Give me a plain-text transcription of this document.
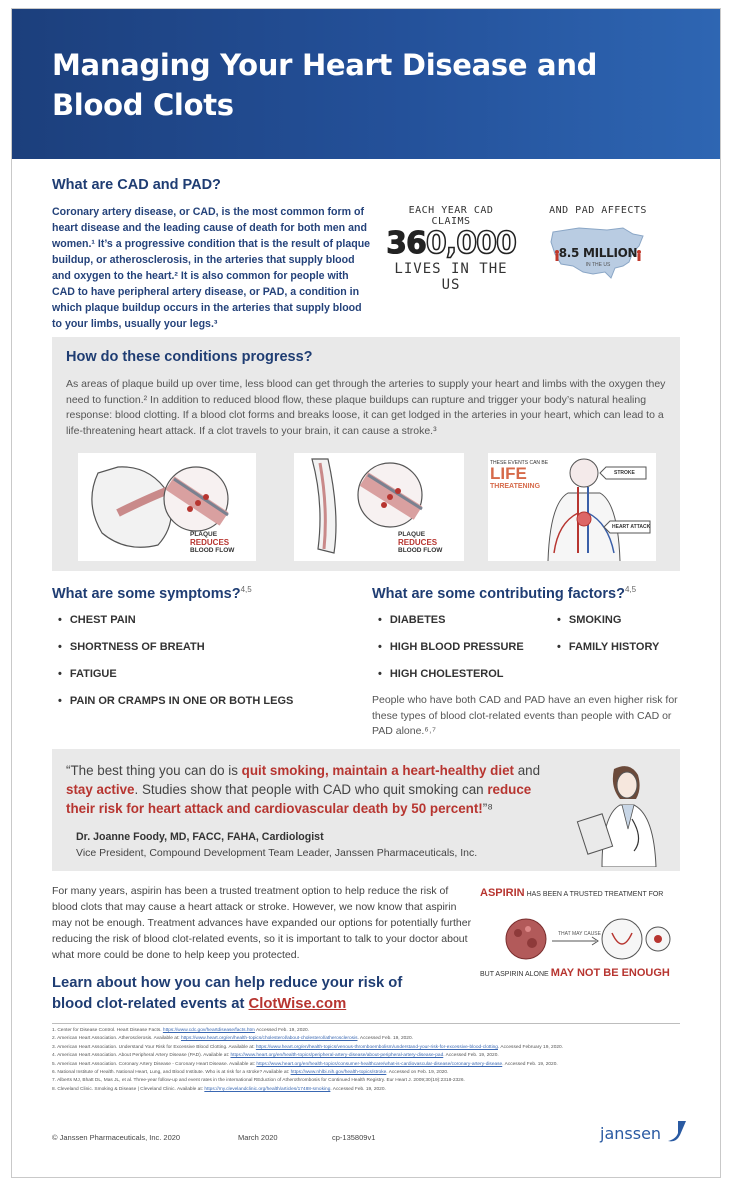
Managing Your Heart Disease and Blood Clots
What are CAD and PAD?
Coronary artery disease, or CAD, is the most common form of heart disease and the leading cause of death for both men and women.¹ It’s a progressive condition that is the result of plaque buildup, or atherosclerosis, in the arteries that supply blood and oxygen to the heart.² It is also common for people with CAD to have peripheral artery disease, or PAD, a condition in which plaque buildup occurs in the arteries that supply blood to your limbs, usually your legs.³
EACH YEAR CAD CLAIMS
360,000
LIVES IN THE US
AND PAD AFFECTS
8.5 MILLION
IN THE US
How do these conditions progress?
As areas of plaque build up over time, less blood can get through the arteries to supply your heart and limbs with the oxygen they need to function.² In addition to reduced blood flow, these plaque buildups can rupture and trigger your body’s natural healing response: blood clotting. If a blood clot forms and breaks loose, it can get lodged in the arteries in your heart, which can lead to a life-threatening heart attack. If a clot travels to your brain, it can cause a stroke.³
PLAQUE
REDUCES
BLOOD FLOW
PLAQUE
REDUCES
BLOOD FLOW
THESE EVENTS CAN BE
LIFE
THREATENING
STROKE
HEART ATTACK
What are some symptoms?$^{4,5}$
• CHEST PAIN
• SHORTNESS OF BREATH
• FATIGUE
• PAIN OR CRAMPS IN ONE OR BOTH LEGS
What are some contributing factors?$^{4,5}$
• DIABETES
• HIGH BLOOD PRESSURE
• HIGH CHOLESTEROL
• SMOKING
• FAMILY HISTORY
People who have both CAD and PAD have an even higher risk for these types of blood clot-related events than people with CAD or PAD alone.⁶˒⁷
“The best thing you can do is quit smoking, maintain a heart-healthy diet and stay active. Studies show that people with CAD who quit smoking can reduce their risk for heart attack and cardiovascular death by 50 percent!”⁸
Dr. Joanne Foody, MD, FACC, FAHA, Cardiologist
Vice President, Compound Development Team Leader, Janssen Pharmaceuticals, Inc.
For many years, aspirin has been a trusted treatment option to help reduce the risk of blood clots that may cause a heart attack or stroke. However, we now know that aspirin may not be enough. Treatment advances have expanded our options for potentially further reducing the risk of blood clot-related events, so it is important to talk to your doctor about what more could be done to help keep you protected.
ASPIRIN HAS BEEN A TRUSTED TREATMENT FOR
THAT MAY CAUSE
BUT ASPIRIN ALONE MAY NOT BE ENOUGH
Learn about how you can help reduce your risk of blood clot-related events at ClotWise.com
1. Center for Disease Control. Heart Disease Facts. https://www.cdc.gov/heartdisease/facts.htm Accessed Feb. 19, 2020.
2. American Heart Association. Atherosclerosis. Available at: https://www.heart.org/en/health-topics/cholesterol/about-cholesterol/atherosclerosis. Accessed Feb. 19, 2020.
3. American Heart Association. Understand Your Risk for Excessive Blood Clotting. Available at: https://www.heart.org/en/health-topics/venous-thromboembolism/understand-your-risk-for-excessive-blood-clotting. Accessed February 19, 2020.
4. American Heart Association. About Peripheral Artery Disease (PAD). Available at: https://www.heart.org/en/health-topics/peripheral-artery-disease/about-peripheral-artery-disease-pad. Accessed Feb. 19, 2020.
5. American Heart Association. Coronary Artery Disease - Coronary Heart Disease. Available at: https://www.heart.org/en/health-topics/consumer-healthcare/what-is-cardiovascular-disease/coronary-artery-disease. Accessed Feb. 19, 2020.
6. National Institute of Health. National Heart, Lung, and Blood Institute. Who is at risk for a stroke? Available at: https://www.nhlbi.nih.gov/health-topics/stroke. Accessed on Feb. 19, 2020.
7. Alberts MJ, Bhatt DL, Mas JL, et al. Three-year follow-up and event rates in the international REduction of Atherothrombosis for Continued Health Registry. Eur Heart J. 2009;30(19):2318-2326.
8. Cleveland Clinic. Smoking & Disease | Cleveland Clinic. Available at: https://my.clevelandclinic.org/health/articles/17488-smoking. Accessed Feb. 19, 2020.
© Janssen Pharmaceuticals, Inc. 2020	March 2020	cp-135809v1	janssen
